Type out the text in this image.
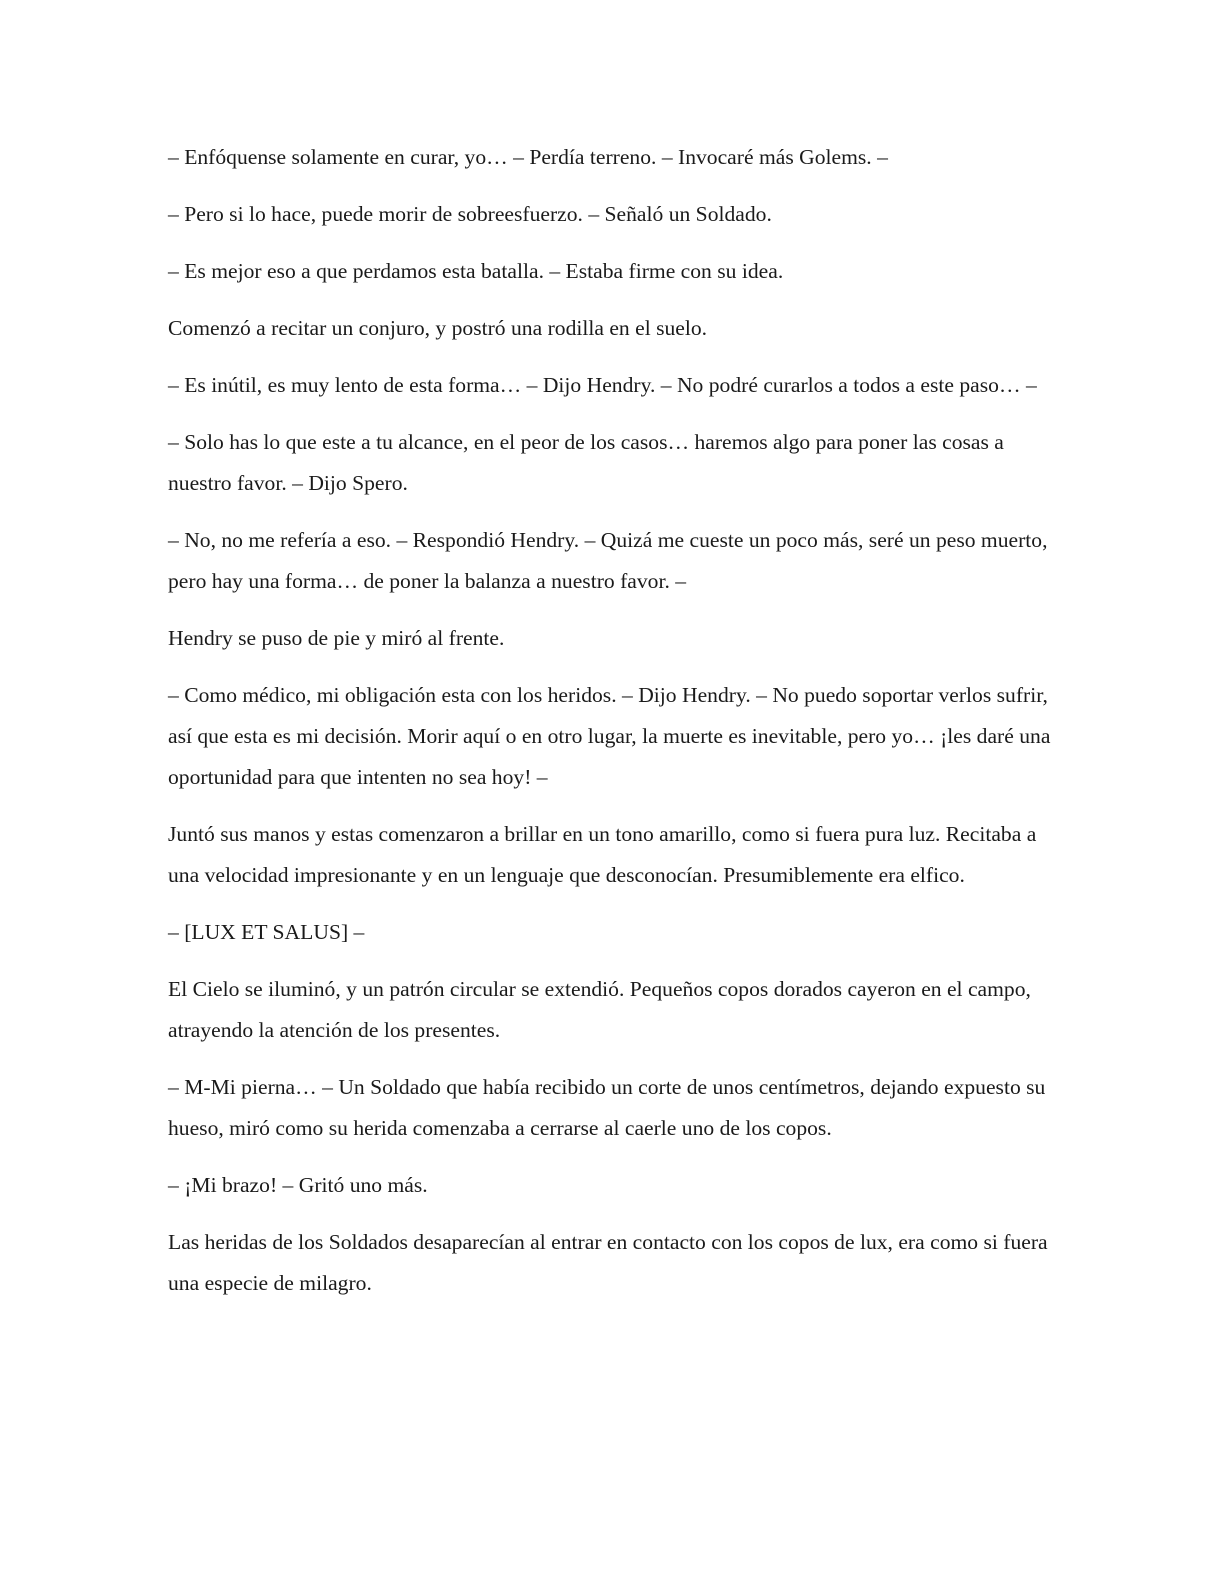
– Enfóquense solamente en curar, yo… – Perdía terreno. – Invocaré más Golems. –

– Pero si lo hace, puede morir de sobreesfuerzo. – Señaló un Soldado.

– Es mejor eso a que perdamos esta batalla. – Estaba firme con su idea.

Comenzó a recitar un conjuro, y postró una rodilla en el suelo.

– Es inútil, es muy lento de esta forma… – Dijo Hendry. – No podré curarlos a todos a este paso… –

– Solo has lo que este a tu alcance, en el peor de los casos… haremos algo para poner las cosas a nuestro favor. – Dijo Spero.

– No, no me refería a eso. – Respondió Hendry. – Quizá me cueste un poco más, seré un peso muerto, pero hay una forma… de poner la balanza a nuestro favor. –

Hendry se puso de pie y miró al frente.

– Como médico, mi obligación esta con los heridos. – Dijo Hendry. – No puedo soportar verlos sufrir, así que esta es mi decisión. Morir aquí o en otro lugar, la muerte es inevitable, pero yo… ¡les daré una oportunidad para que intenten no sea hoy! –

Juntó sus manos y estas comenzaron a brillar en un tono amarillo, como si fuera pura luz. Recitaba a una velocidad impresionante y en un lenguaje que desconocían. Presumiblemente era elfico.

– [LUX ET SALUS] –

El Cielo se iluminó, y un patrón circular se extendió. Pequeños copos dorados cayeron en el campo, atrayendo la atención de los presentes.

– M-Mi pierna… – Un Soldado que había recibido un corte de unos centímetros, dejando expuesto su hueso, miró como su herida comenzaba a cerrarse al caerle uno de los copos.

– ¡Mi brazo! – Gritó uno más.

Las heridas de los Soldados desaparecían al entrar en contacto con los copos de lux, era como si fuera una especie de milagro.
